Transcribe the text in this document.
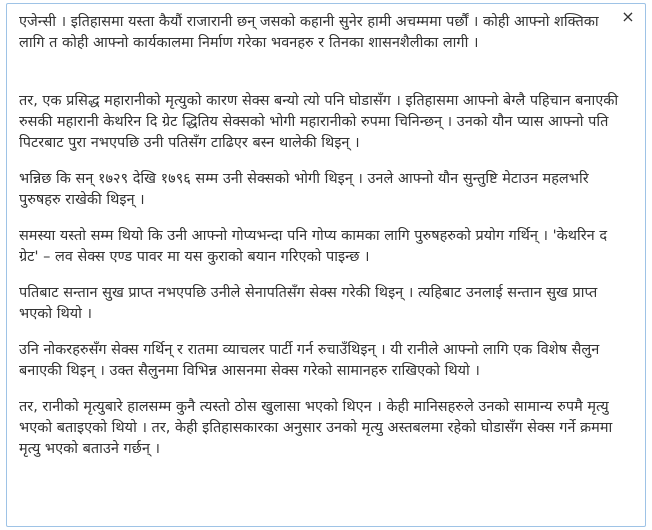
×

एजेन्सी । इतिहासमा यस्ता कैयौं राजारानी छन् जसको कहानी सुनेर हामी अचम्ममा पर्छौं । कोही आफ्नो शक्तिका लागि त कोही आफ्नो कार्यकालमा निर्माण गरेका भवनहरु र तिनका शासनशैलीका लागी ।

तर, एक प्रसिद्ध महारानीको मृत्युको कारण सेक्स बन्यो त्यो पनि घोडासँग । इतिहासमा आफ्नो बेग्लै पहिचान बनाएकी रुसकी महारानी केथरिन दि ग्रेट द्धितिय सेक्सको भोगी महारानीको रुपमा चिनिन्छन् । उनको यौन प्यास आफ्नो पति पिटरबाट पुरा नभएपछि उनी पतिसँग टाढिएर बस्न थालेकी थिइन् ।

भन्निछ कि सन् १७२९ देखि १७९६ सम्म उनी सेक्सको भोगी थिइन् । उनले आफ्नो यौन सुन्तुष्टि मेटाउन महलभरि पुरुषहरु राखेकी थिइन् ।

समस्या यस्तो सम्म थियो कि उनी आफ्नो गोप्यभन्दा पनि गोप्य कामका लागि पुरुषहरुको प्रयोग गर्थिन् । 'केथरिन द ग्रेट' – लव सेक्स एण्ड पावर मा यस कुराको बयान गरिएको पाइन्छ ।

पतिबाट सन्तान सुख प्राप्त नभएपछि उनीले सेनापतिसँग सेक्स गरेकी थिइन् । त्यहिबाट उनलाई सन्तान सुख प्राप्त भएको थियो ।

उनि नोकरहरुसँग सेक्स गर्थिन् र रातमा व्याचलर पार्टी गर्न रुचाउँथिइन् । यी रानीले आफ्नो लागि एक विशेष सैलुन बनाएकी थिइन् । उक्त सैलुनमा विभिन्न आसनमा सेक्स गरेको सामानहरु राखिएको थियो ।

तर, रानीको मृत्युबारे हालसम्म कुनै त्यस्तो ठोस खुलासा भएको थिएन । केही मानिसहरुले उनको सामान्य रुपमै मृत्यु भएको बताइएको थियो । तर, केही इतिहासकारका अनुसार उनको मृत्यु अस्तबलमा रहेको घोडासँग सेक्स गर्ने क्रममा मृत्यु भएको बताउने गर्छन् ।
